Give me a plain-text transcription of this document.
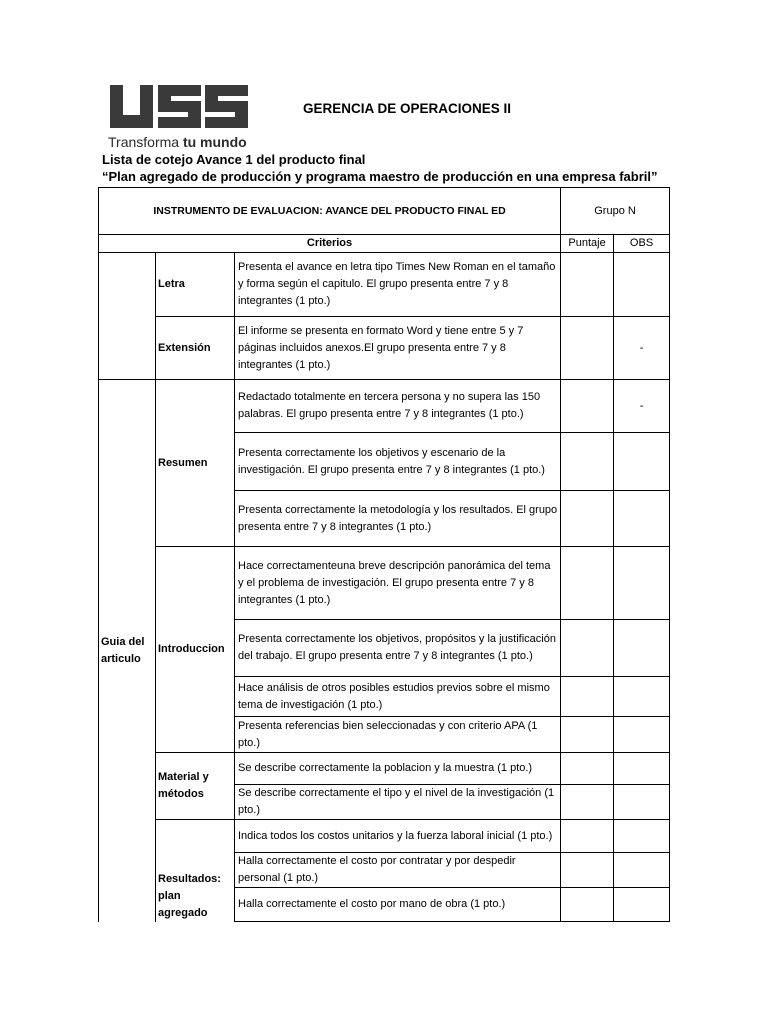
Transforma tu mundo
GERENCIA DE OPERACIONES II
Lista de cotejo Avance 1 del producto final
“Plan agregado de producción y programa maestro de producción en una empresa fabril”
INSTRUMENTO DE EVALUACION: AVANCE DEL PRODUCTO FINAL ED			Grupo N	
Criterios			Puntaje	OBS
	Letra	Presenta el avance en letra tipo Times New Roman en el tamaño y forma según el capitulo. El grupo presenta entre 7 y 8 integrantes (1 pto.)		
	Extensión	El informe se presenta en formato Word y tiene entre 5 y 7 páginas incluidos anexos.El grupo presenta entre 7 y 8 integrantes (1 pto.)		-
Guia del articulo	Resumen	Redactado totalmente en tercera persona y no supera las 150 palabras. El grupo presenta entre 7 y 8 integrantes (1 pto.)		-
		Presenta correctamente los objetivos y escenario de la investigación. El grupo presenta entre 7 y 8 integrantes (1 pto.)		
		Presenta correctamente la metodología y los resultados. El grupo presenta entre 7 y 8 integrantes (1 pto.)		
	Introduccion	Hace correctamenteuna breve descripción panorámica del tema y el problema de investigación. El grupo presenta entre 7 y 8 integrantes (1 pto.)		
		Presenta correctamente los objetivos, propósitos y la justificación del trabajo. El grupo presenta entre 7 y 8 integrantes (1 pto.)		
		Hace análisis de otros posibles estudios previos sobre el mismo tema de investigación (1 pto.)		
		Presenta referencias bien seleccionadas y con criterio APA (1 pto.)		
	Material y métodos	Se describe correctamente la poblacion y la muestra (1 pto.)		
		Se describe correctamente el tipo y el nivel de la investigación (1 pto.)		
	Resultados: plan agregado	Indica todos los costos unitarios y la fuerza laboral inicial (1 pto.)		
		Halla correctamente el costo por contratar y por despedir personal (1 pto.)		
		Halla correctamente el costo por mano de obra (1 pto.)		
